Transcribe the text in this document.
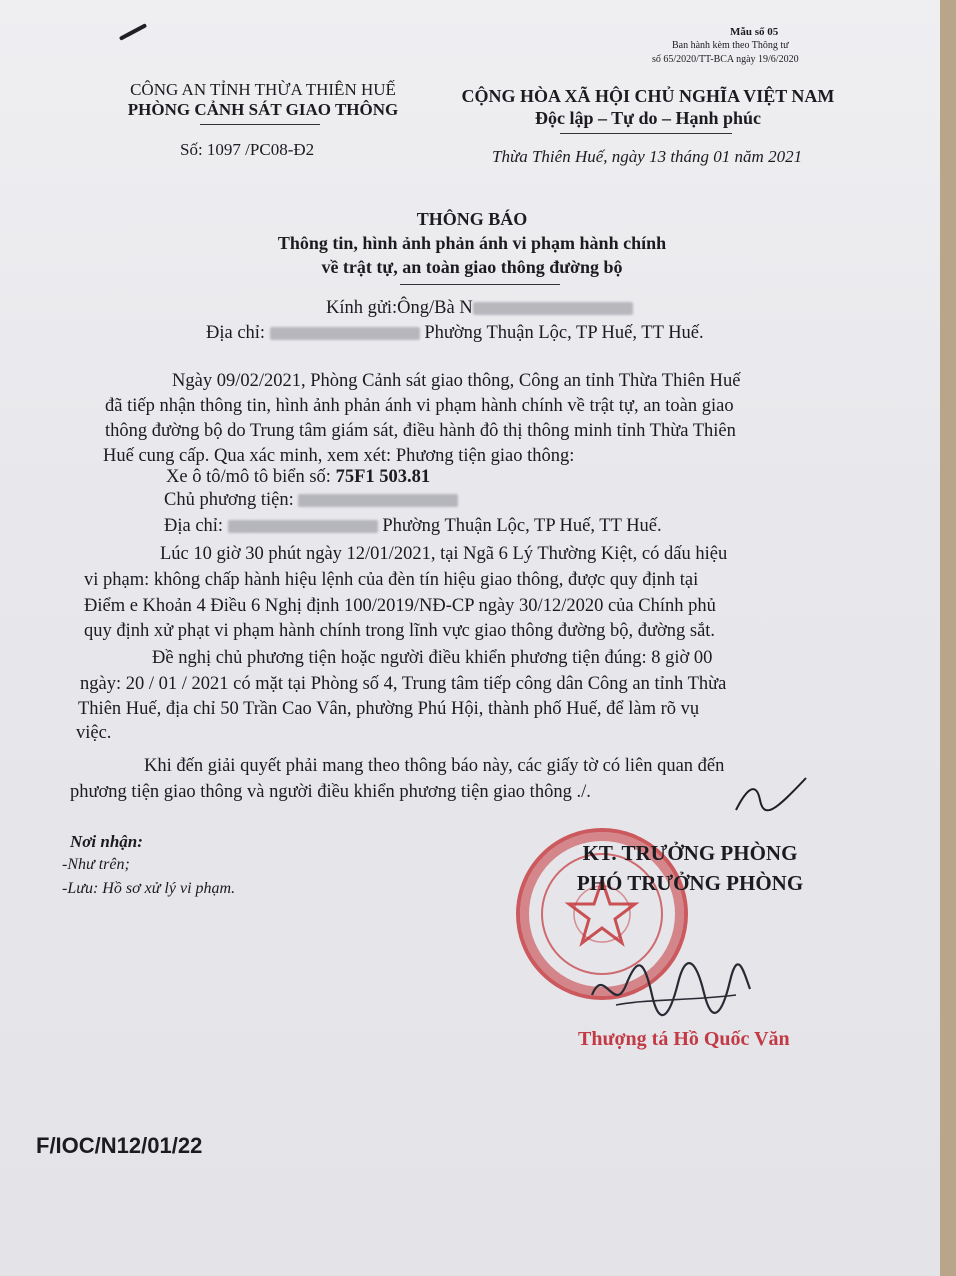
Mẫu số 05
Ban hành kèm theo Thông tư
số 65/2020/TT-BCA ngày 19/6/2020
CÔNG AN TỈNH THỪA THIÊN HUẾ
PHÒNG CẢNH SÁT GIAO THÔNG
CỘNG HÒA XÃ HỘI CHỦ NGHĨA VIỆT NAM
Độc lập – Tự do – Hạnh phúc
Số: 1097 /PC08-Đ2	Thừa Thiên Huế, ngày 13 tháng 01 năm 2021
THÔNG BÁO
Thông tin, hình ảnh phản ánh vi phạm hành chính
về trật tự, an toàn giao thông đường bộ
Kính gửi:Ông/Bà N
Địa chỉ:	Phường Thuận Lộc, TP Huế, TT Huế.
Ngày 09/02/2021, Phòng Cảnh sát giao thông, Công an tỉnh Thừa Thiên Huế
đã tiếp nhận thông tin, hình ảnh phản ánh vi phạm hành chính về trật tự, an toàn giao
thông đường bộ do Trung tâm giám sát, điều hành đô thị thông minh tỉnh Thừa Thiên
Huế cung cấp. Qua xác minh, xem xét: Phương tiện giao thông:
Xe ô tô/mô tô biển số: 75F1 503.81
Chủ phương tiện:
Địa chỉ:	Phường Thuận Lộc, TP Huế, TT Huế.
Lúc 10 giờ 30 phút ngày 12/01/2021, tại Ngã 6 Lý Thường Kiệt, có dấu hiệu
vi phạm: không chấp hành hiệu lệnh của đèn tín hiệu giao thông, được quy định tại
Điểm e Khoản 4 Điều 6 Nghị định 100/2019/NĐ-CP ngày 30/12/2020 của Chính phủ
quy định xử phạt vi phạm hành chính trong lĩnh vực giao thông đường bộ, đường sắt.
Đề nghị chủ phương tiện hoặc người điều khiển phương tiện đúng: 8 giờ 00
ngày: 20 / 01 / 2021 có mặt tại Phòng số 4, Trung tâm tiếp công dân Công an tỉnh Thừa
Thiên Huế, địa chỉ 50 Trần Cao Vân, phường Phú Hội, thành phố Huế, để làm rõ vụ
việc.
Khi đến giải quyết phải mang theo thông báo này, các giấy tờ có liên quan đến
phương tiện giao thông và người điều khiển phương tiện giao thông ./.
Nơi nhận:
-Như trên;
-Lưu: Hồ sơ xử lý vi phạm.
KT. TRƯỞNG PHÒNG
PHÓ TRƯỞNG PHÒNG
Thượng tá Hồ Quốc Văn
F/IOC/N12/01/22
